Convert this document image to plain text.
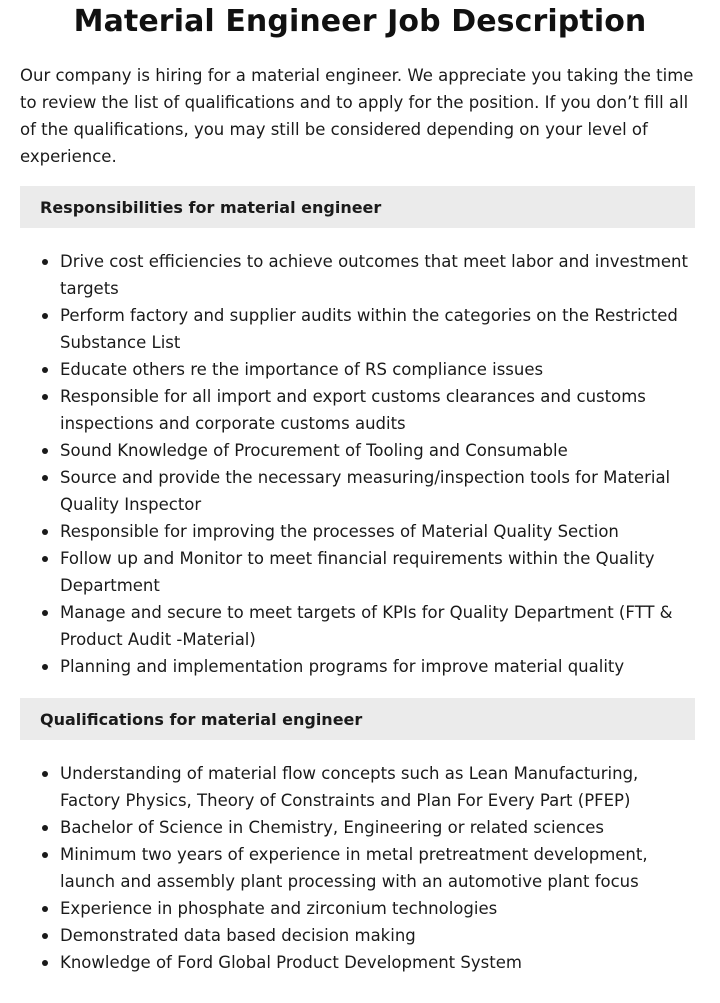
Material Engineer Job Description

Our company is hiring for a material engineer. We appreciate you taking the time to review the list of qualifications and to apply for the position. If you don’t fill all of the qualifications, you may still be considered depending on your level of experience.

Responsibilities for material engineer
Drive cost efficiencies to achieve outcomes that meet labor and investment targets
Perform factory and supplier audits within the categories on the Restricted Substance List
Educate others re the importance of RS compliance issues
Responsible for all import and export customs clearances and customs inspections and corporate customs audits
Sound Knowledge of Procurement of Tooling and Consumable
Source and provide the necessary measuring/inspection tools for Material Quality Inspector
Responsible for improving the processes of Material Quality Section
Follow up and Monitor to meet financial requirements within the Quality Department
Manage and secure to meet targets of KPIs for Quality Department (FTT & Product Audit -Material)
Planning and implementation programs for improve material quality
Qualifications for material engineer
Understanding of material flow concepts such as Lean Manufacturing, Factory Physics, Theory of Constraints and Plan For Every Part (PFEP)
Bachelor of Science in Chemistry, Engineering or related sciences
Minimum two years of experience in metal pretreatment development, launch and assembly plant processing with an automotive plant focus
Experience in phosphate and zirconium technologies
Demonstrated data based decision making
Knowledge of Ford Global Product Development System
